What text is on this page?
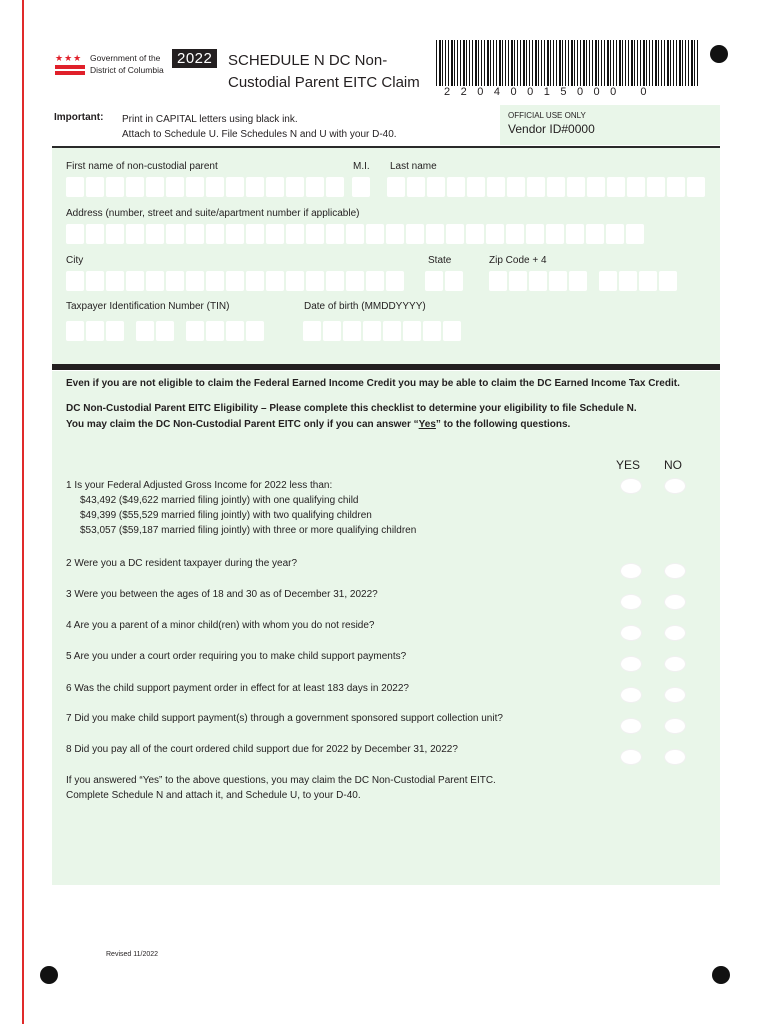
★★★ Government of the
District of Columbia
2022	SCHEDULE N DC Non-
Custodial Parent EITC Claim
22040015000 0
Important: Print in CAPITAL letters using black ink.
Attach to Schedule U. File Schedules N and U with your D-40.
OFFICIAL USE ONLY
Vendor ID#0000
First name of non-custodial parent	M.I. Last name
Address (number, street and suite/apartment number if applicable)
City	State	Zip Code + 4
Taxpayer Identification Number (TIN)	Date of birth (MMDDYYYY)
Even if you are not eligible to claim the Federal Earned Income Credit you may be able to claim the DC Earned Income Tax Credit.
DC Non-Custodial Parent EITC Eligibility – Please complete this checklist to determine your eligibility to file Schedule N.
You may claim the DC Non-Custodial Parent EITC only if you can answer “Yes” to the following questions.
YES NO
1 Is your Federal Adjusted Gross Income for 2022 less than:
$43,492 ($49,622 married filing jointly) with one qualifying child
$49,399 ($55,529 married filing jointly) with two qualifying children
$53,057 ($59,187 married filing jointly) with three or more qualifying children
2 Were you a DC resident taxpayer during the year?
3 Were you between the ages of 18 and 30 as of December 31, 2022?
4 Are you a parent of a minor child(ren) with whom you do not reside?
5 Are you under a court order requiring you to make child support payments?
6 Was the child support payment order in effect for at least 183 days in 2022?
7 Did you make child support payment(s) through a government sponsored support collection unit?
8 Did you pay all of the court ordered child support due for 2022 by December 31, 2022?
If you answered “Yes” to the above questions, you may claim the DC Non-Custodial Parent EITC.
Complete Schedule N and attach it, and Schedule U, to your D-40.
Revised 11/2022
